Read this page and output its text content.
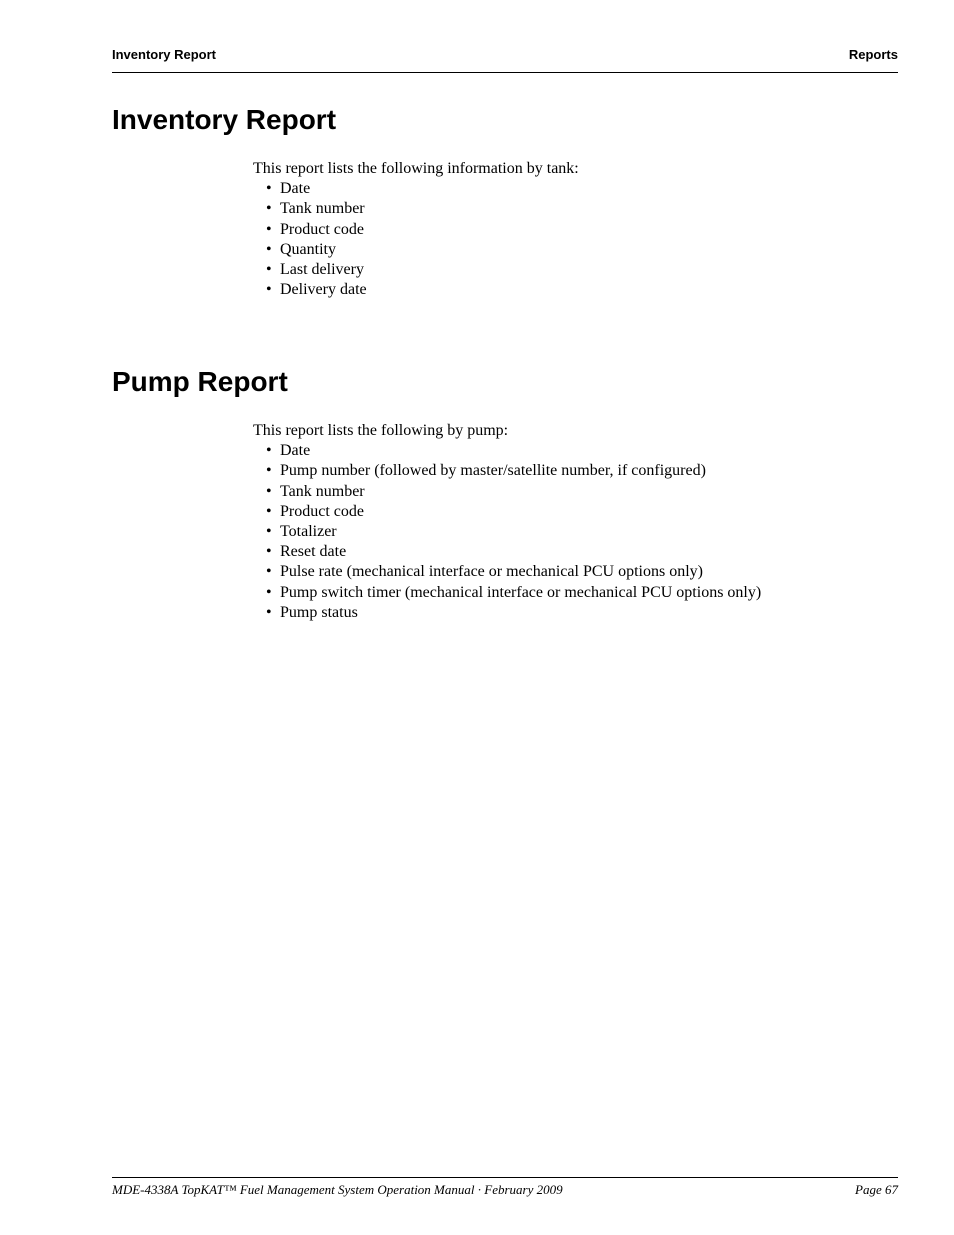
Inventory Report	Reports
Inventory Report

This report lists the following information by tank:

• Date
• Tank number
• Product code
• Quantity
• Last delivery
• Delivery date
Pump Report

This report lists the following by pump:

• Date
• Pump number (followed by master/satellite number, if configured)
• Tank number
• Product code
• Totalizer
• Reset date
• Pulse rate (mechanical interface or mechanical PCU options only)
• Pump switch timer (mechanical interface or mechanical PCU options only)
• Pump status
MDE-4338A TopKAT™ Fuel Management System Operation Manual · February 2009	Page 67
